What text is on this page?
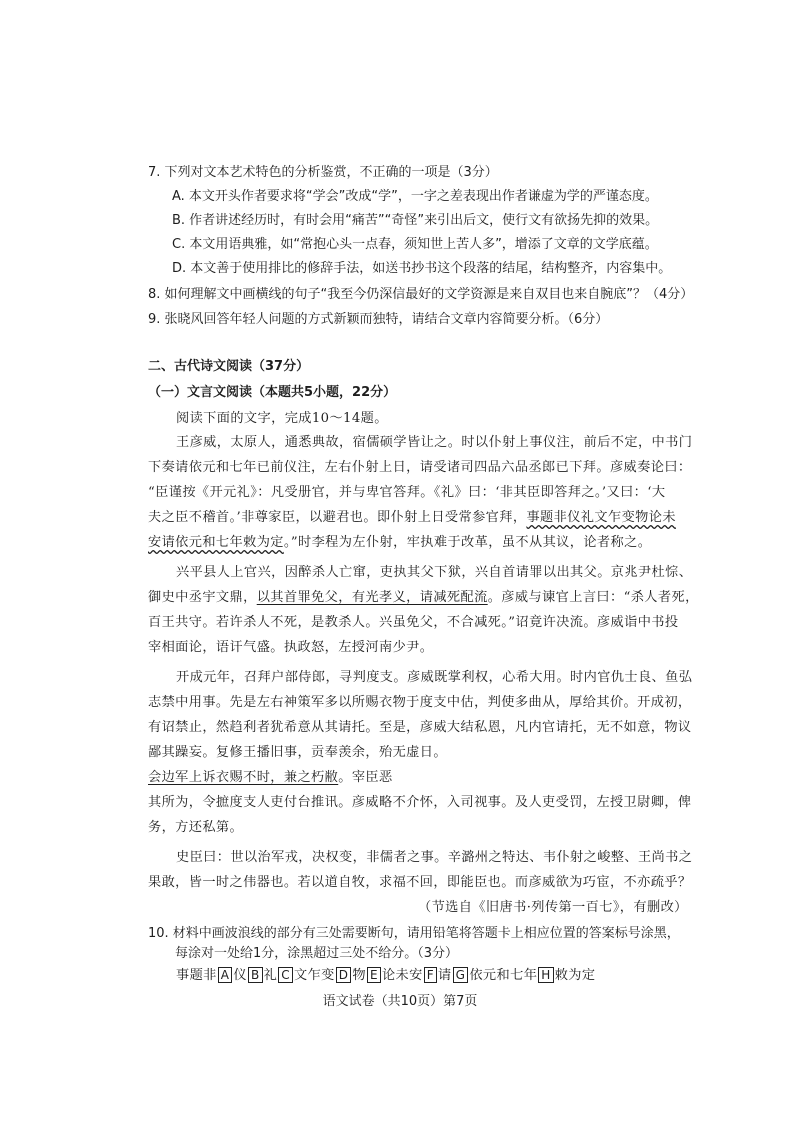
7. 下列对文本艺术特色的分析鉴赏，不正确的一项是（3分）
A. 本文开头作者要求将“学会”改成“学”，一字之差表现出作者谦虚为学的严谨态度。
B. 作者讲述经历时，有时会用“痛苦”“奇怪”来引出后文，使行文有欲扬先抑的效果。
C. 本文用语典雅，如“常抱心头一点春，须知世上苦人多”，增添了文章的文学底蕴。
D. 本文善于使用排比的修辞手法，如送书抄书这个段落的结尾，结构整齐，内容集中。
8. 如何理解文中画横线的句子“我至今仍深信最好的文学资源是来自双目也来自腕底”？（4分）
9. 张晓风回答年轻人问题的方式新颖而独特，请结合文章内容简要分析。（6分）
二、古代诗文阅读（37分）
（一）文言文阅读（本题共5小题，22分）
阅读下面的文字，完成10～14题。
王彦威，太原人，通悉典故，宿儒硕学皆让之。时以仆射上事仪注，前后不定，中书门
下奏请依元和七年已前仪注，左右仆射上日，请受诸司四品六品丞郎已下拜。彦威奏论曰：
“臣谨按《开元礼》：凡受册官，并与卑官答拜。《礼》曰：‘非其臣即答拜之。’又曰：‘大
夫之臣不稽首。’非尊家臣，以避君也。即仆射上日受常参官拜，事题非仪礼文乍变物论未
安请依元和七年敕为定。”时李程为左仆射，牢执难于改革，虽不从其议，论者称之。
兴平县人上官兴，因醉杀人亡窜，吏执其父下狱，兴自首请罪以出其父。京兆尹杜悰、
御史中丞宇文鼎，以其首罪免父，有光孝义，请减死配流。彦威与谏官上言曰：“杀人者死，
百王共守。若许杀人不死，是教杀人。兴虽免父，不合减死。”诏竟许决流。彦威诣中书投
宰相面论，语讦气盛。执政怒，左授河南少尹。
开成元年，召拜户部侍郎，寻判度支。彦威既掌利权，心希大用。时内官仇士良、鱼弘
志禁中用事。先是左右神策军多以所赐衣物于度支中估，判使多曲从，厚给其价。开成初，
有诏禁止，然趋利者犹希意从其请托。至是，彦威大结私恩，凡内官请托，无不如意，物议
鄙其躁妄。复修王播旧事，贡奉羡余，殆无虚日。
会边军上诉衣赐不时，兼之朽敝。宰臣恶
其所为，令摭度支人吏付台推讯。彦威略不介怀，入司视事。及人吏受罚，左授卫尉卿，俾
务，方还私第。
史臣曰：世以治军戎，决权变，非儒者之事。辛潞州之特达、韦仆射之峻整、王尚书之
果敢，皆一时之伟器也。若以道自牧，求福不回，即能臣也。而彦威欲为巧宦，不亦疏乎？
（节选自《旧唐书·列传第一百七》，有删改）
10. 材料中画波浪线的部分有三处需要断句，请用铅笔将答题卡上相应位置的答案标号涂黑，
每涂对一处给1分，涂黑超过三处不给分。（3分）
事题非 A 仪 B 礼 C 文乍变 D 物 E 论未安 F 请 G 依元和七年 H 敕为定
语文试卷（共10页）第7页
